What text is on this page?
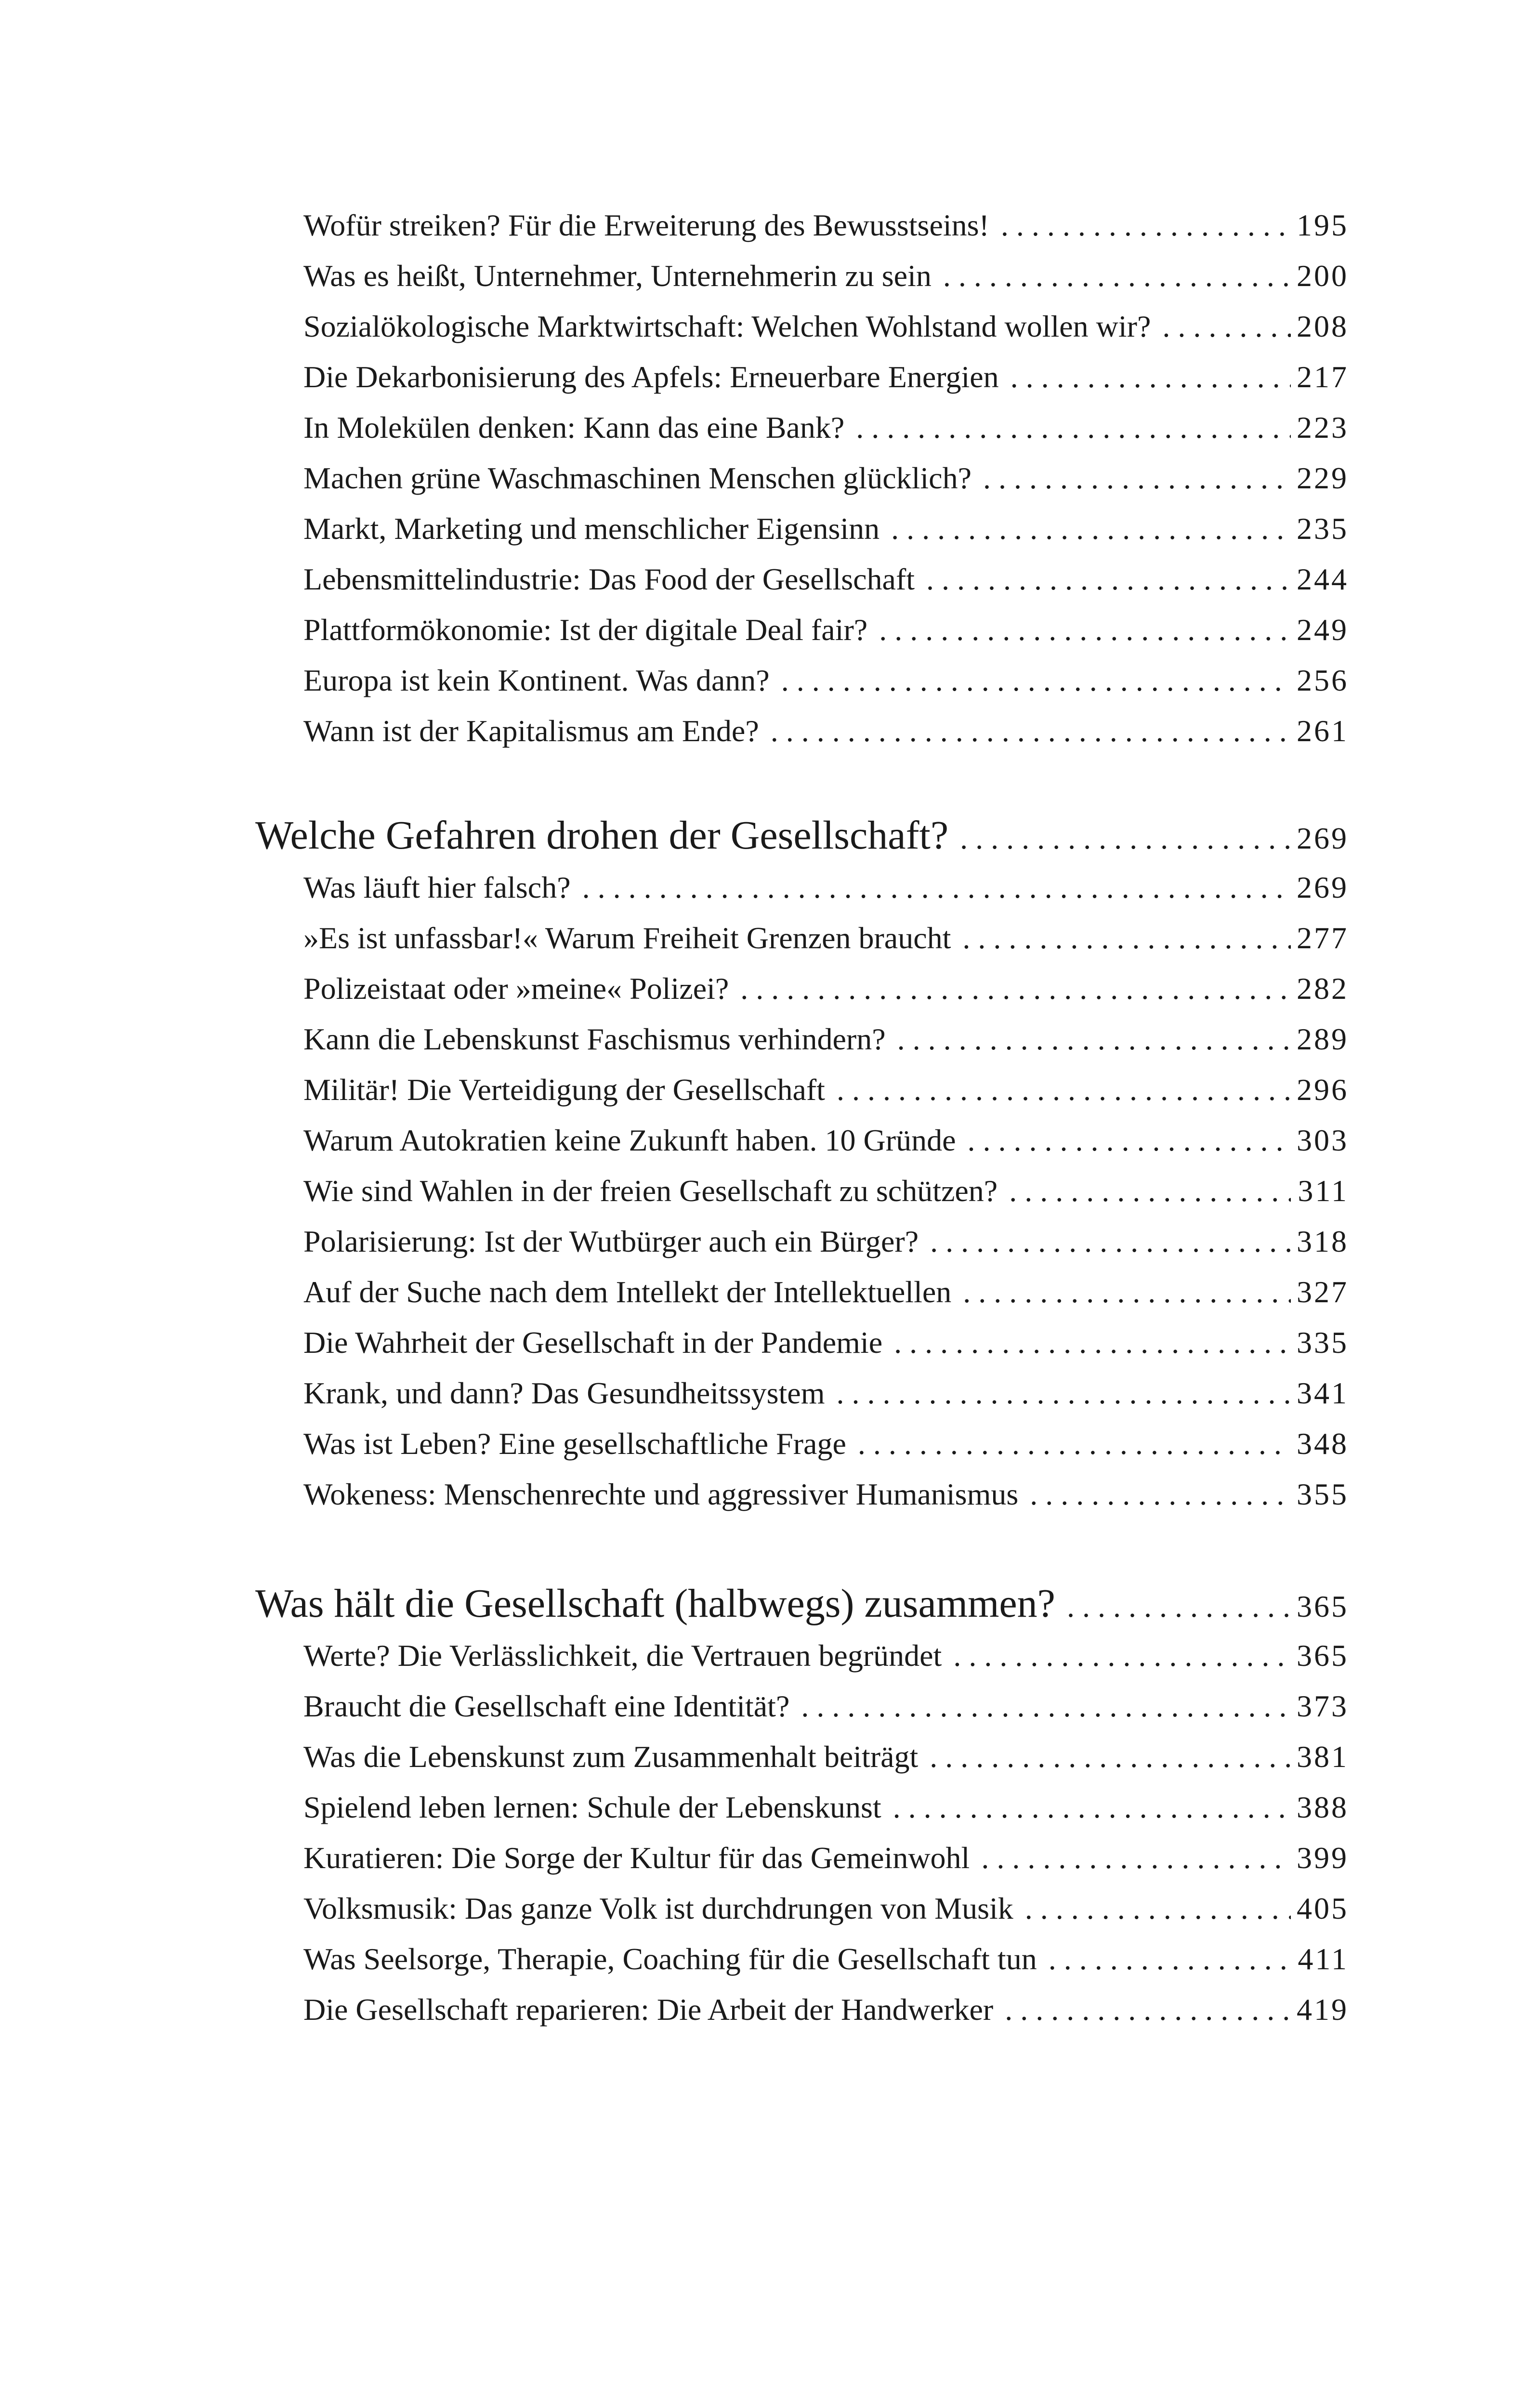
Wofür streiken? Für die Erweiterung des Bewusstseins! . . .	195
Was es heißt, Unternehmer, Unternehmerin zu sein . . .	200
Sozialökologische Marktwirtschaft: Welchen Wohlstand wollen wir? . . .	208
Die Dekarbonisierung des Apfels: Erneuerbare Energien . . .	217
In Molekülen denken: Kann das eine Bank? . . .	223
Machen grüne Waschmaschinen Menschen glücklich? . . .	229
Markt, Marketing und menschlicher Eigensinn . . .	235
Lebensmittelindustrie: Das Food der Gesellschaft . . .	244
Plattformökonomie: Ist der digitale Deal fair? . . .	249
Europa ist kein Kontinent. Was dann? . . .	256
Wann ist der Kapitalismus am Ende? . . .	261
Welche Gefahren drohen der Gesellschaft? . . .	269
Was läuft hier falsch? . . .	269
»Es ist unfassbar!« Warum Freiheit Grenzen braucht . . .	277
Polizeistaat oder »meine« Polizei? . . .	282
Kann die Lebenskunst Faschismus verhindern? . . .	289
Militär! Die Verteidigung der Gesellschaft . . .	296
Warum Autokratien keine Zukunft haben. 10 Gründe . . .	303
Wie sind Wahlen in der freien Gesellschaft zu schützen? . . .	311
Polarisierung: Ist der Wutbürger auch ein Bürger? . . .	318
Auf der Suche nach dem Intellekt der Intellektuellen . . .	327
Die Wahrheit der Gesellschaft in der Pandemie . . .	335
Krank, und dann? Das Gesundheitssystem . . .	341
Was ist Leben? Eine gesellschaftliche Frage . . .	348
Wokeness: Menschenrechte und aggressiver Humanismus . . .	355
Was hält die Gesellschaft (halbwegs) zusammen? . . .	365
Werte? Die Verlässlichkeit, die Vertrauen begründet . . .	365
Braucht die Gesellschaft eine Identität? . . .	373
Was die Lebenskunst zum Zusammenhalt beiträgt . . .	381
Spielend leben lernen: Schule der Lebenskunst . . .	388
Kuratieren: Die Sorge der Kultur für das Gemeinwohl . . .	399
Volksmusik: Das ganze Volk ist durchdrungen von Musik . . .	405
Was Seelsorge, Therapie, Coaching für die Gesellschaft tun . . .	411
Die Gesellschaft reparieren: Die Arbeit der Handwerker . . .	419
